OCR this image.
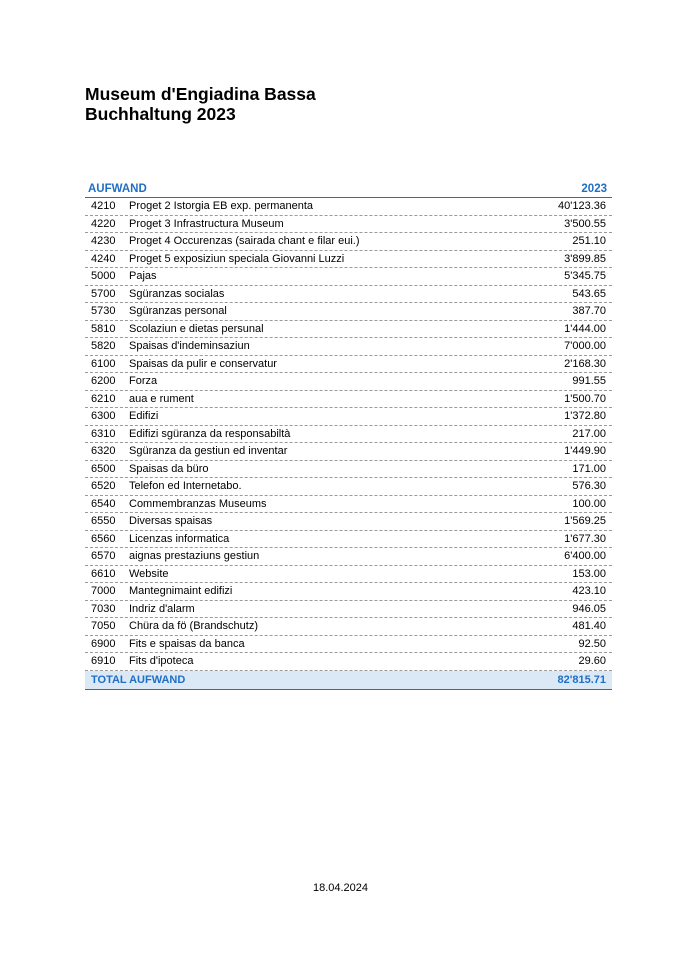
Museum d'Engiadina Bassa
Buchhaltung 2023
AUFWAND	2023
4210	Proget 2 Istorgia EB exp. permanenta	40'123.36
4220	Proget 3 Infrastructura Museum	3'500.55
4230	Proget 4 Occurenzas (sairada chant e filar eui.)	251.10
4240	Proget 5 exposiziun speciala Giovanni Luzzi	3'899.85
5000	Pajas	5'345.75
5700	Sgüranzas socialas	543.65
5730	Sgüranzas personal	387.70
5810	Scolaziun e dietas persunal	1'444.00
5820	Spaisas d'indeminsaziun	7'000.00
6100	Spaisas da pulir e conservatur	2'168.30
6200	Forza	991.55
6210	aua e rument	1'500.70
6300	Edifizi	1'372.80
6310	Edifizi sgüranza da responsabiltà	217.00
6320	Sgüranza da gestiun ed inventar	1'449.90
6500	Spaisas da büro	171.00
6520	Telefon ed Internetabo.	576.30
6540	Commembranzas Museums	100.00
6550	Diversas spaisas	1'569.25
6560	Licenzas informatica	1'677.30
6570	aignas prestaziuns gestiun	6'400.00
6610	Website	153.00
7000	Mantegnimaint edifizi	423.10
7030	Indriz d'alarm	946.05
7050	Chüra da fö (Brandschutz)	481.40
6900	Fits e spaisas da banca	92.50
6910	Fits d'ipoteca	29.60
TOTAL AUFWAND	82'815.71
18.04.2024
